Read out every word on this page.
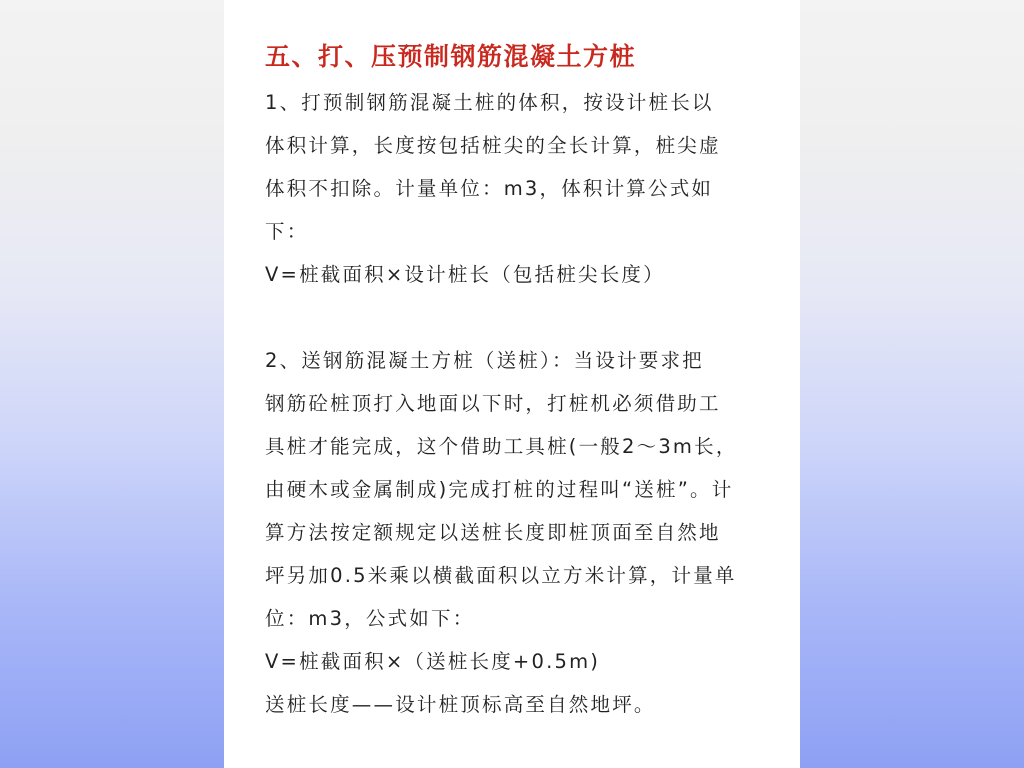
五、打、压预制钢筋混凝土方桩
1、打预制钢筋混凝土桩的体积，按设计桩长以
体积计算，长度按包括桩尖的全长计算，桩尖虚
体积不扣除。计量单位：m3，体积计算公式如
下：
V=桩截面积×设计桩长（包括桩尖长度）
2、送钢筋混凝土方桩（送桩）：当设计要求把
钢筋砼桩顶打入地面以下时，打桩机必须借助工
具桩才能完成，这个借助工具桩(一般2～3m长，
由硬木或金属制成)完成打桩的过程叫“送桩”。计
算方法按定额规定以送桩长度即桩顶面至自然地
坪另加0.5米乘以横截面积以立方米计算，计量单
位：m3，公式如下：
V=桩截面积×（送桩长度+0.5m)
送桩长度——设计桩顶标高至自然地坪。
